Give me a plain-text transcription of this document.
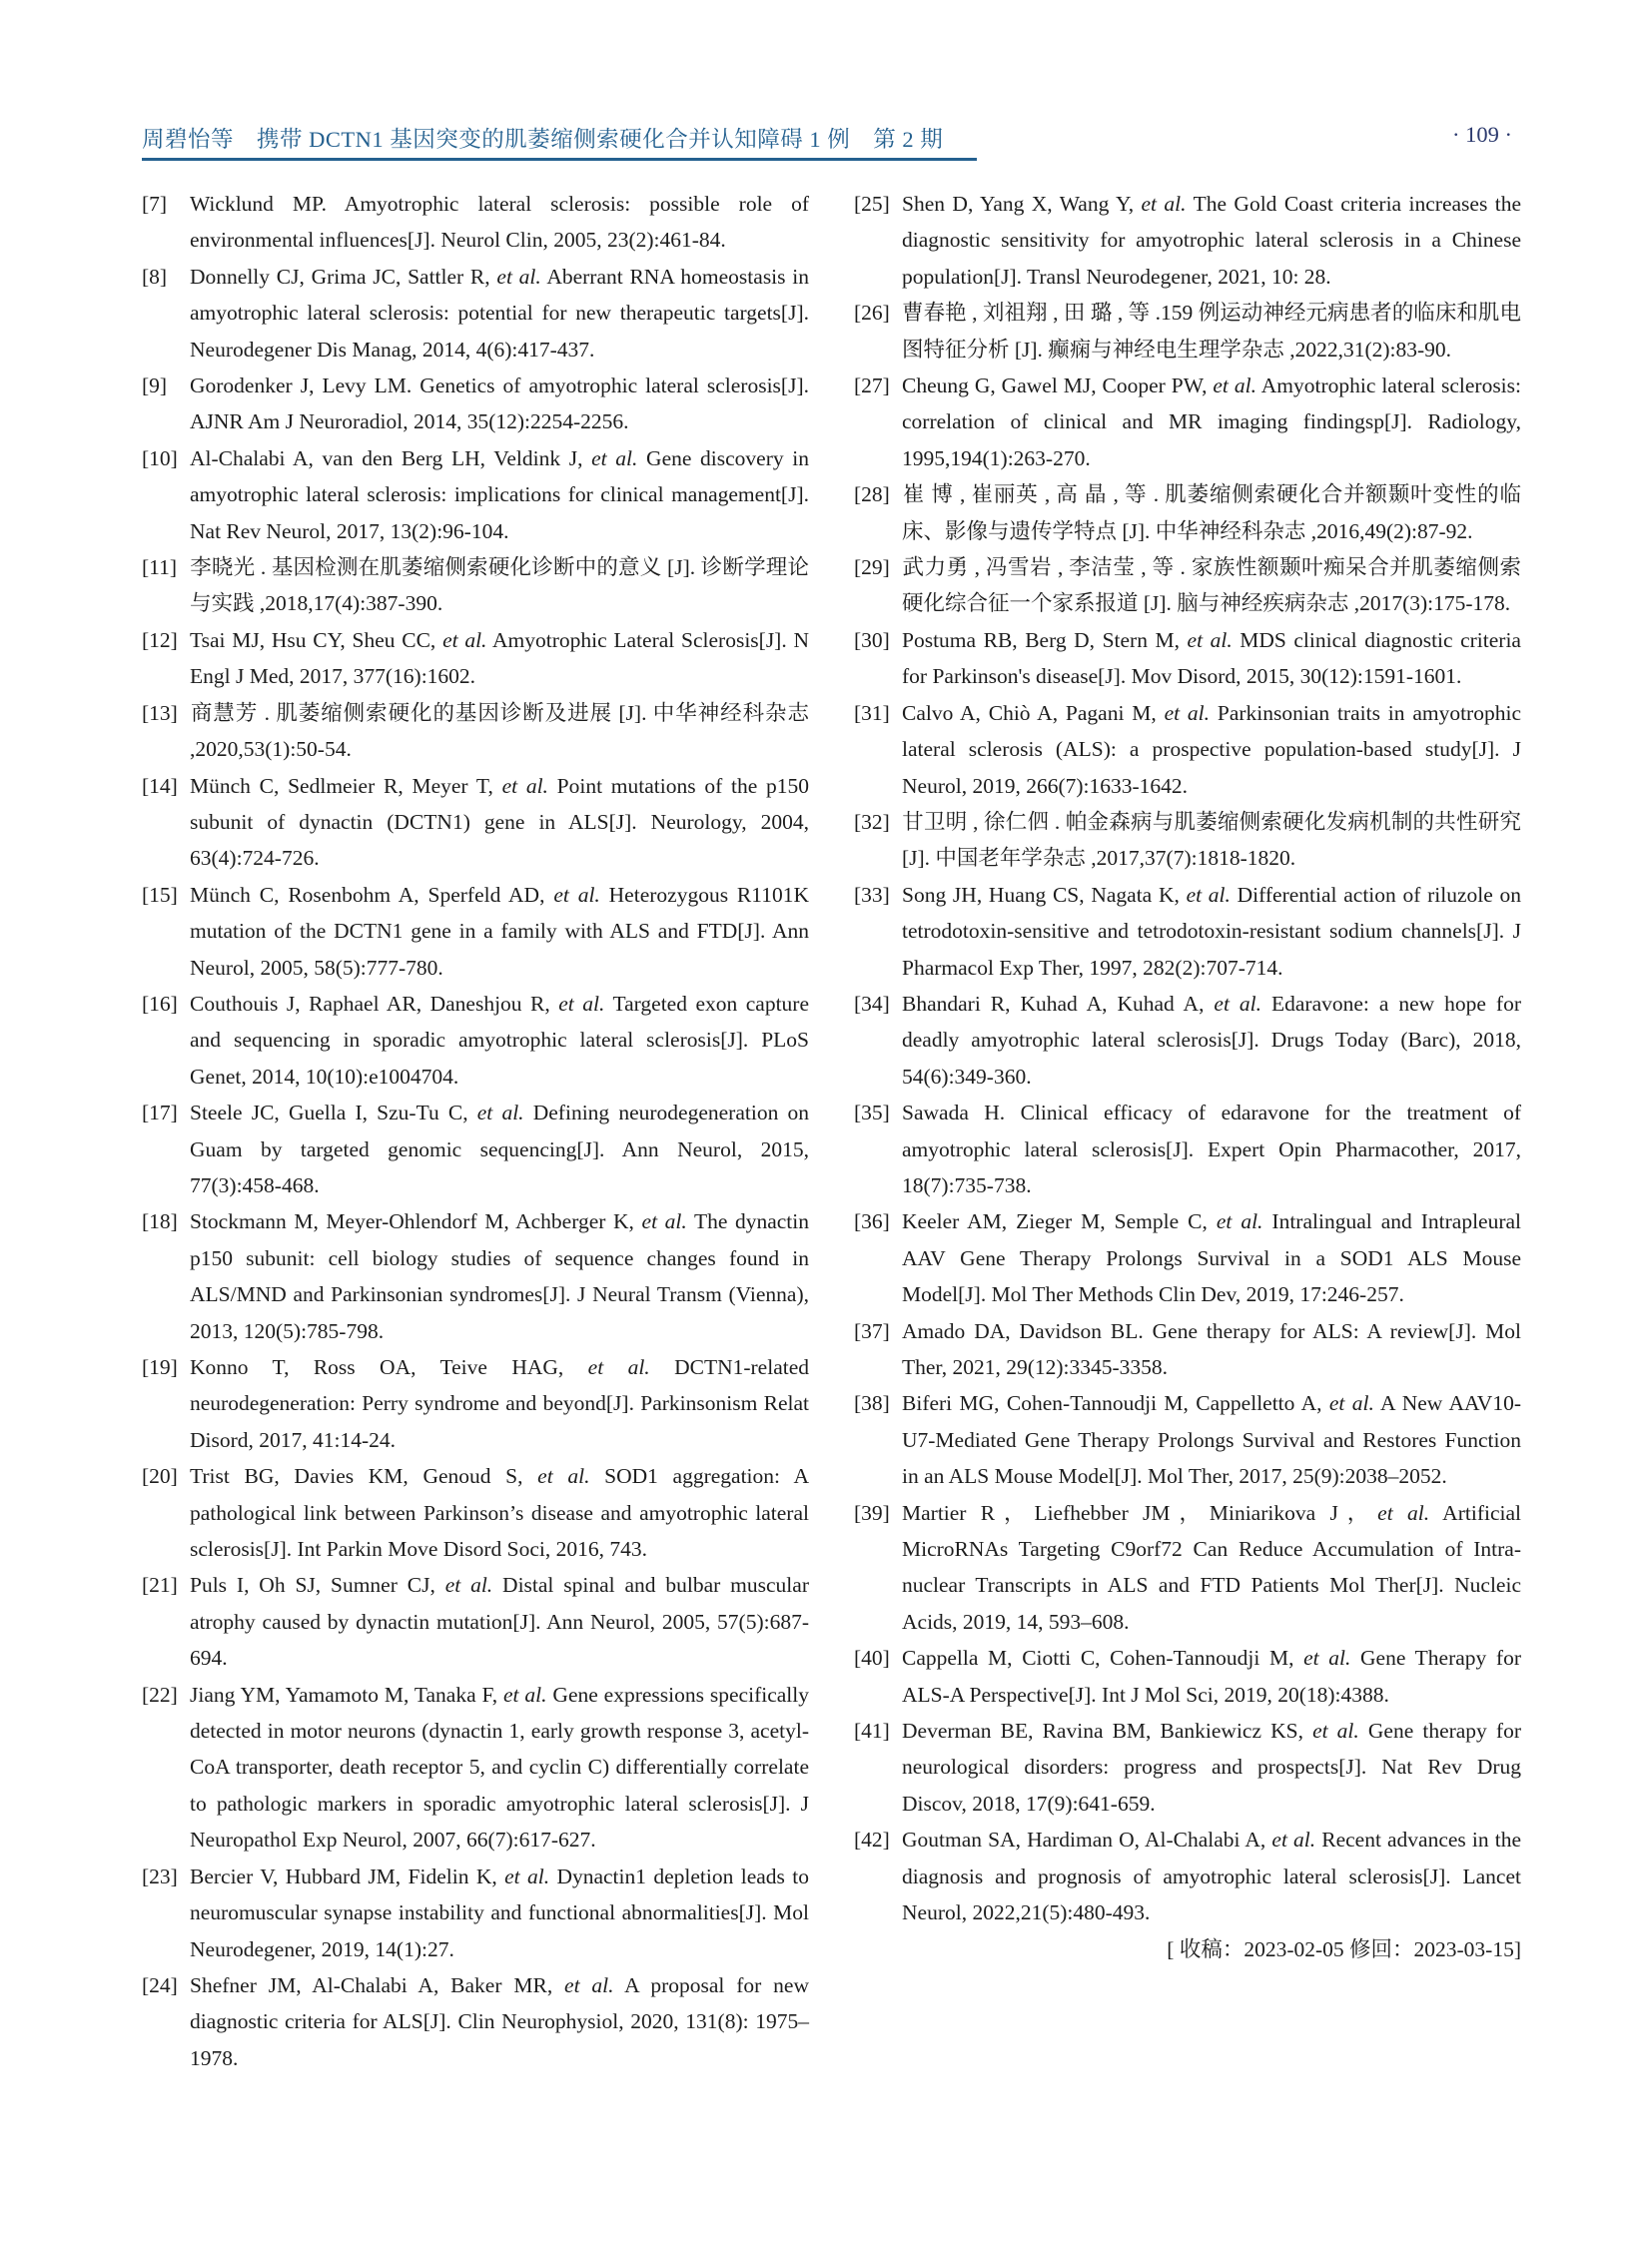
周碧怡等　携带 DCTN1 基因突变的肌萎缩侧索硬化合并认知障碍 1 例　第 2 期	· 109 ·
[7] Wicklund MP. Amyotrophic lateral sclerosis: possible role of environmental influences[J]. Neurol Clin, 2005, 23(2):461-84.
[8] Donnelly CJ, Grima JC, Sattler R, et al. Aberrant RNA homeostasis in amyotrophic lateral sclerosis: potential for new therapeutic targets[J]. Neurodegener Dis Manag, 2014, 4(6):417-437.
[9] Gorodenker J, Levy LM. Genetics of amyotrophic lateral sclerosis[J]. AJNR Am J Neuroradiol, 2014, 35(12):2254-2256.
[10] Al-Chalabi A, van den Berg LH, Veldink J, et al. Gene discovery in amyotrophic lateral sclerosis: implications for clinical management[J]. Nat Rev Neurol, 2017, 13(2):96-104.
[11] 李晓光 . 基因检测在肌萎缩侧索硬化诊断中的意义 [J]. 诊断学理论与实践 ,2018,17(4):387-390.
[12] Tsai MJ, Hsu CY, Sheu CC, et al. Amyotrophic Lateral Sclerosis[J]. N Engl J Med, 2017, 377(16):1602.
[13] 商慧芳 . 肌萎缩侧索硬化的基因诊断及进展 [J]. 中华神经科杂志 ,2020,53(1):50-54.
[14] Münch C, Sedlmeier R, Meyer T, et al. Point mutations of the p150 subunit of dynactin (DCTN1) gene in ALS[J]. Neurology, 2004, 63(4):724-726.
[15] Münch C, Rosenbohm A, Sperfeld AD, et al. Heterozygous R1101K mutation of the DCTN1 gene in a family with ALS and FTD[J]. Ann Neurol, 2005, 58(5):777-780.
[16] Couthouis J, Raphael AR, Daneshjou R, et al. Targeted exon capture and sequencing in sporadic amyotrophic lateral sclerosis[J]. PLoS Genet, 2014, 10(10):e1004704.
[17] Steele JC, Guella I, Szu-Tu C, et al. Defining neurodegeneration on Guam by targeted genomic sequencing[J]. Ann Neurol, 2015, 77(3):458-468.
[18] Stockmann M, Meyer-Ohlendorf M, Achberger K, et al. The dynactin p150 subunit: cell biology studies of sequence changes found in ALS/MND and Parkinsonian syndromes[J]. J Neural Transm (Vienna), 2013, 120(5):785-798.
[19] Konno T, Ross OA, Teive HAG, et al. DCTN1-related neurodegeneration: Perry syndrome and beyond[J]. Parkinsonism Relat Disord, 2017, 41:14-24.
[20] Trist BG, Davies KM, Genoud S, et al. SOD1 aggregation: A pathological link between Parkinson’s disease and amyotrophic lateral sclerosis[J]. Int Parkin Move Disord Soci, 2016, 743.
[21] Puls I, Oh SJ, Sumner CJ, et al. Distal spinal and bulbar muscular atrophy caused by dynactin mutation[J]. Ann Neurol, 2005, 57(5):687-694.
[22] Jiang YM, Yamamoto M, Tanaka F, et al. Gene expressions specifically detected in motor neurons (dynactin 1, early growth response 3, acetyl-CoA transporter, death receptor 5, and cyclin C) differentially correlate to pathologic markers in sporadic amyotrophic lateral sclerosis[J]. J Neuropathol Exp Neurol, 2007, 66(7):617-627.
[23] Bercier V, Hubbard JM, Fidelin K, et al. Dynactin1 depletion leads to neuromuscular synapse instability and functional abnormalities[J]. Mol Neurodegener, 2019, 14(1):27.
[24] Shefner JM, Al-Chalabi A, Baker MR, et al. A proposal for new diagnostic criteria for ALS[J]. Clin Neurophysiol, 2020, 131(8): 1975–1978.
[25] Shen D, Yang X, Wang Y, et al. The Gold Coast criteria increases the diagnostic sensitivity for amyotrophic lateral sclerosis in a Chinese population[J]. Transl Neurodegener, 2021, 10: 28.
[26] 曹春艳 , 刘祖翔 , 田 璐 , 等 .159 例运动神经元病患者的临床和肌电图特征分析 [J]. 癫痫与神经电生理学杂志 ,2022,31(2):83-90.
[27] Cheung G, Gawel MJ, Cooper PW, et al. Amyotrophic lateral sclerosis: correlation of clinical and MR imaging findingsp[J]. Radiology, 1995,194(1):263-270.
[28] 崔 博 , 崔丽英 , 高 晶 , 等 . 肌萎缩侧索硬化合并额颞叶变性的临床、影像与遗传学特点 [J]. 中华神经科杂志 ,2016,49(2):87-92.
[29] 武力勇 , 冯雪岩 , 李洁莹 , 等 . 家族性额颞叶痴呆合并肌萎缩侧索硬化综合征一个家系报道 [J]. 脑与神经疾病杂志 ,2017(3):175-178.
[30] Postuma RB, Berg D, Stern M, et al. MDS clinical diagnostic criteria for Parkinson's disease[J]. Mov Disord, 2015, 30(12):1591-1601.
[31] Calvo A, Chiò A, Pagani M, et al. Parkinsonian traits in amyotrophic lateral sclerosis (ALS): a prospective population-based study[J]. J Neurol, 2019, 266(7):1633-1642.
[32] 甘卫明 , 徐仁伵 . 帕金森病与肌萎缩侧索硬化发病机制的共性研究 [J]. 中国老年学杂志 ,2017,37(7):1818-1820.
[33] Song JH, Huang CS, Nagata K, et al. Differential action of riluzole on tetrodotoxin-sensitive and tetrodotoxin-resistant sodium channels[J]. J Pharmacol Exp Ther, 1997, 282(2):707-714.
[34] Bhandari R, Kuhad A, Kuhad A, et al. Edaravone: a new hope for deadly amyotrophic lateral sclerosis[J]. Drugs Today (Barc), 2018, 54(6):349-360.
[35] Sawada H. Clinical efficacy of edaravone for the treatment of amyotrophic lateral sclerosis[J]. Expert Opin Pharmacother, 2017, 18(7):735-738.
[36] Keeler AM, Zieger M, Semple C, et al. Intralingual and Intrapleural AAV Gene Therapy Prolongs Survival in a SOD1 ALS Mouse Model[J]. Mol Ther Methods Clin Dev, 2019, 17:246-257.
[37] Amado DA, Davidson BL. Gene therapy for ALS: A review[J]. Mol Ther, 2021, 29(12):3345-3358.
[38] Biferi MG, Cohen-Tannoudji M, Cappelletto A, et al. A New AAV10-U7-Mediated Gene Therapy Prolongs Survival and Restores Function in an ALS Mouse Model[J]. Mol Ther, 2017, 25(9):2038–2052.
[39] Martier R，Liefhebber JM，Miniarikova J，et al. Artificial MicroRNAs Targeting C9orf72 Can Reduce Accumulation of Intra-nuclear Transcripts in ALS and FTD Patients Mol Ther[J]. Nucleic Acids, 2019, 14, 593–608.
[40] Cappella M, Ciotti C, Cohen-Tannoudji M, et al. Gene Therapy for ALS-A Perspective[J]. Int J Mol Sci, 2019, 20(18):4388.
[41] Deverman BE, Ravina BM, Bankiewicz KS, et al. Gene therapy for neurological disorders: progress and prospects[J]. Nat Rev Drug Discov, 2018, 17(9):641-659.
[42] Goutman SA, Hardiman O, Al-Chalabi A, et al. Recent advances in the diagnosis and prognosis of amyotrophic lateral sclerosis[J]. Lancet Neurol, 2022,21(5):480-493.
[ 收稿：2023-02-05 修回：2023-03-15]
